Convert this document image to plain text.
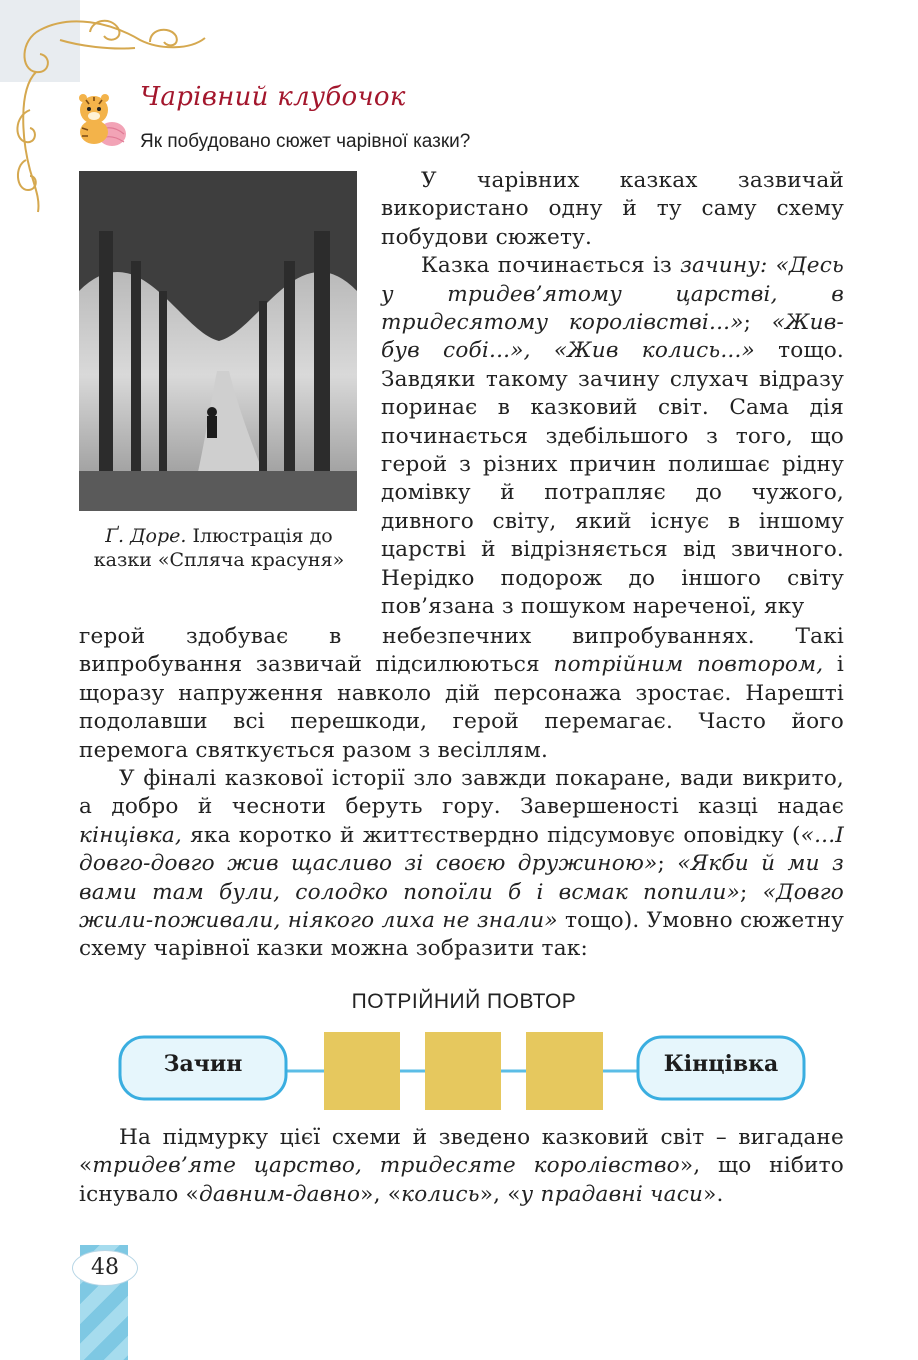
Чарівний клубочок
Як побудовано сюжет чарівної казки?
Ґ. Доре. Ілюстрація до казки «Спляча красуня»

У чарівних казках зазвичай використано одну й ту саму схему побудови сюжету.

Казка починається із зачину: «Десь у тридев’ятому царстві, в тридесятому королівстві...»; «Жив-був собі...», «Жив колись...» тощо. Завдяки такому зачину слухач відразу поринає в казковий світ. Сама дія починається здебільшого з того, що герой з різних причин полишає рідну домівку й потрапляє до чужого, дивного світу, який існує в іншому царстві й відрізняється від звичного. Нерідко подорож до іншого світу пов’язана з пошуком нареченої, яку

герой здобуває в небезпечних випробуваннях. Такі випробування зазвичай підсилюються потрійним повтором, і щоразу напруження навколо дій персонажа зростає. Нарешті подолавши всі перешкоди, герой перемагає. Часто його перемога святкується разом з весіллям.

У фіналі казкової історії зло завжди покаране, вади викрито, а добро й чесноти беруть гору. Завершеності казці надає кінцівка, яка коротко й життєствердно підсумовує оповідку («...І довго-довго жив щасливо зі своєю дружиною»; «Якби й ми з вами там були, солодко попоїли б і всмак попили»; «Довго жили-поживали, ніякого лиха не знали» тощо). Умовно сюжетну схему чарівної казки можна зобразити так:

ПОТРІЙНИЙ ПОВТОР
Зачин	Кінцівка

На підмурку цієї схеми й зведено казковий світ – вигадане «тридев’яте царство, тридесяте королівство», що нібито існувало «давним-давно», «колись», «у прадавні часи».

48
